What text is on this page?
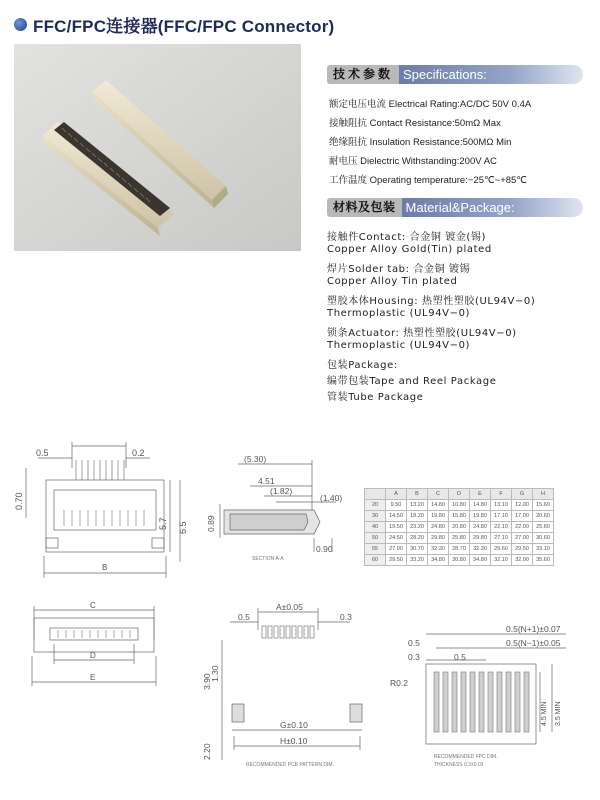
FFC/FPC连接器(FFC/FPC Connector)
技术参数 Specifications:
额定电压电流 Electrical Rating:AC/DC 50V 0.4A
接触阻抗 Contact Resistance:50mΩ Max
绝缘阻抗 Insulation Resistance:500MΩ Min
耐电压 Dielectric Withstanding:200V AC
工作温度 Operating temperature:−25℃~+85℃
材料及包装 Material&Package:
接触件Contact: 合金铜 镀金(锡)
Copper Alloy Gold(Tin) plated
焊片Solder tab: 合金铜 镀锡
Copper Alloy Tin plated
塑胶本体Housing: 热塑性塑胶(UL94V−0)
Thermoplastic (UL94V−0)
锁条Actuator: 热塑性塑胶(UL94V−0)
Thermoplastic (UL94V−0)
包装Package:
编带包装Tape and Reel Package
管装Tube Package
0.5	0.2
0.70
5.7 6.5
B
(5.30)
4.51
(1.82)
(1.40)
0.89
0.90
SECTION A-A
	A	B	C	D	E	F	G	H
20	9.50	13.20	14.80	10.80	14.80	13.10	12.00	15.60
30	14.50	18.20	19.80	15.80	19.80	17.10	17.00	20.60
40	19.50	23.20	24.80	20.80	24.80	22.10	22.00	25.60
50	24.50	28.20	29.80	25.80	29.80	27.10	27.00	30.60
55	27.00	30.70	32.30	28.70	32.30	29.60	29.50	33.10
60	29.50	33.20	34.80	30.80	34.80	32.10	32.00	35.60
C
D
E
A±0.05
0.5	0.3
1.30
3.90
2.20
G±0.10
H±0.10
RECOMMENDED PCB PATTERN DIM.
0.5(N+1)±0.07
0.5	0.5(N−1)±0.05
0.3	0.5
R0.2
4.5 MIN 3.5 MIN
RECOMMENDED FPC DIM.
THICKNESS 0.3±0.03
